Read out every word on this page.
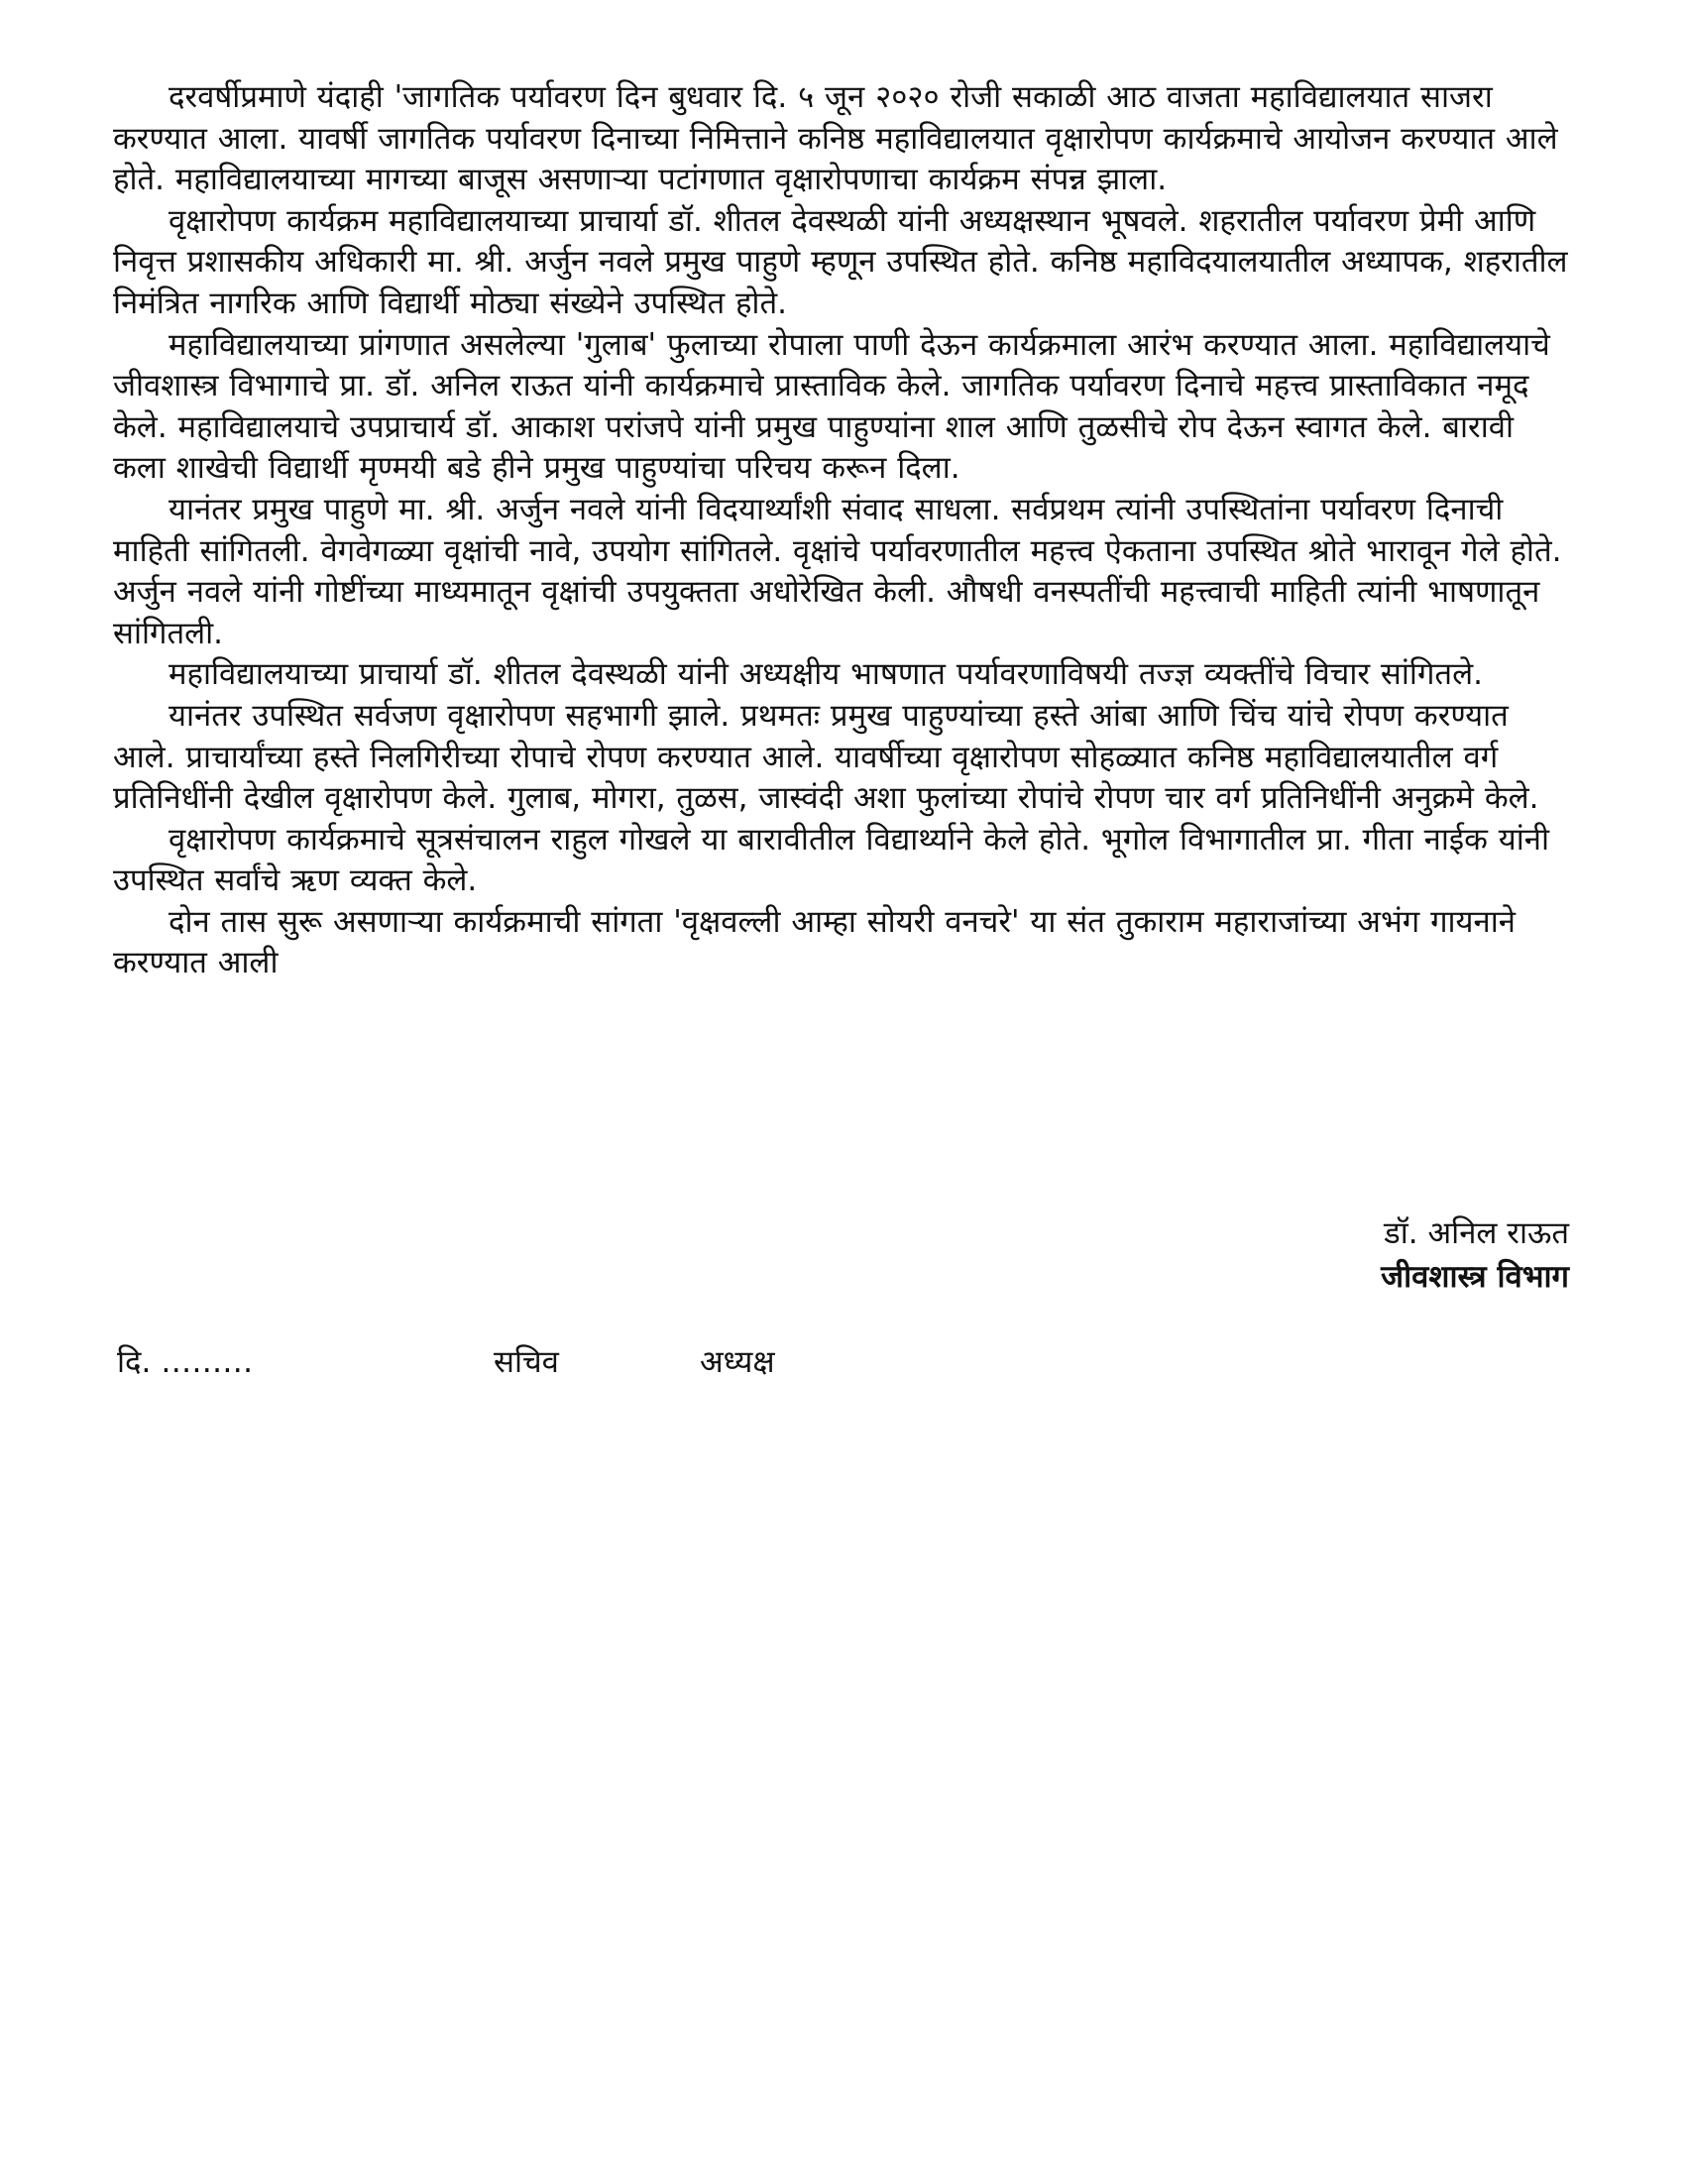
दरवर्षीप्रमाणे यंदाही 'जागतिक पर्यावरण दिन बुधवार दि. ५ जून २०२० रोजी सकाळी आठ वाजता महाविद्यालयात साजरा करण्यात आला. यावर्षी जागतिक पर्यावरण दिनाच्या निमित्ताने कनिष्ठ महाविद्यालयात वृक्षारोपण कार्यक्रमाचे आयोजन करण्यात आले होते. महाविद्यालयाच्या मागच्या बाजूस असणाऱ्या पटांगणात वृक्षारोपणाचा कार्यक्रम संपन्न झाला.

वृक्षारोपण कार्यक्रम महाविद्यालयाच्या प्राचार्या डॉ. शीतल देवस्थळी यांनी अध्यक्षस्थान भूषवले. शहरातील पर्यावरण प्रेमी आणि निवृत्त प्रशासकीय अधिकारी मा. श्री. अर्जुन नवले प्रमुख पाहुणे म्हणून उपस्थित होते. कनिष्ठ महाविदयालयातील अध्यापक, शहरातील निमंत्रित नागरिक आणि विद्यार्थी मोठ्या संख्येने उपस्थित होते.

महाविद्यालयाच्या प्रांगणात असलेल्या 'गुलाब' फुलाच्या रोपाला पाणी देऊन कार्यक्रमाला आरंभ करण्यात आला. महाविद्यालयाचे जीवशास्त्र विभागाचे प्रा. डॉ. अनिल राऊत यांनी कार्यक्रमाचे प्रास्ताविक केले. जागतिक पर्यावरण दिनाचे महत्त्व प्रास्ताविकात नमूद केले. महाविद्यालयाचे उपप्राचार्य डॉ. आकाश परांजपे यांनी प्रमुख पाहुण्यांना शाल आणि तुळसीचे रोप देऊन स्वागत केले. बारावी कला शाखेची विद्यार्थी मृण्मयी बडे हीने प्रमुख पाहुण्यांचा परिचय करून दिला.

यानंतर प्रमुख पाहुणे मा. श्री. अर्जुन नवले यांनी विदयार्थ्यांशी संवाद साधला. सर्वप्रथम त्यांनी उपस्थितांना पर्यावरण दिनाची माहिती सांगितली. वेगवेगळ्या वृक्षांची नावे, उपयोग सांगितले. वृक्षांचे पर्यावरणातील महत्त्व ऐकताना उपस्थित श्रोते भारावून गेले होते. अर्जुन नवले यांनी गोष्टींच्या माध्यमातून वृक्षांची उपयुक्तता अधोरेखित केली. औषधी वनस्पतींची महत्त्वाची माहिती त्यांनी भाषणातून सांगितली.

महाविद्यालयाच्या प्राचार्या डॉ. शीतल देवस्थळी यांनी अध्यक्षीय भाषणात पर्यावरणाविषयी तज्ज्ञ व्यक्तींचे विचार सांगितले.

यानंतर उपस्थित सर्वजण वृक्षारोपण सहभागी झाले. प्रथमतः प्रमुख पाहुण्यांच्या हस्ते आंबा आणि चिंच यांचे रोपण करण्यात आले. प्राचार्यांच्या हस्ते निलगिरीच्या रोपाचे रोपण करण्यात आले. यावर्षीच्या वृक्षारोपण सोहळ्यात कनिष्ठ महाविद्यालयातील वर्ग प्रतिनिधींनी देखील वृक्षारोपण केले. गुलाब, मोगरा, तुळस, जास्वंदी अशा फुलांच्या रोपांचे रोपण चार वर्ग प्रतिनिधींनी अनुक्रमे केले.

वृक्षारोपण कार्यक्रमाचे सूत्रसंचालन राहुल गोखले या बारावीतील विद्यार्थ्याने केले होते. भूगोल विभागातील प्रा. गीता नाईक यांनी उपस्थित सर्वांचे ऋण व्यक्त केले.

दोन तास सुरू असणाऱ्या कार्यक्रमाची सांगता 'वृक्षवल्ली आम्हा सोयरी वनचरे' या संत तुकाराम महाराजांच्या अभंग गायनाने करण्यात आली

डॉ. अनिल राऊत
जीवशास्त्र विभाग
दि. ………	सचिव	अध्यक्ष
